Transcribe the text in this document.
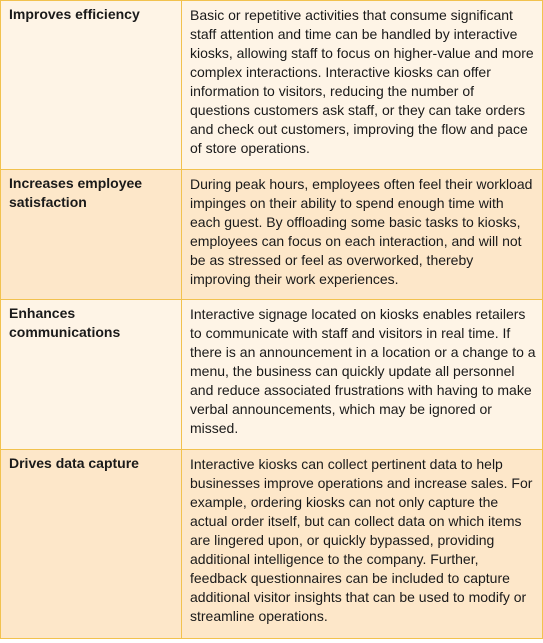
Improves efficiency	Basic or repetitive activities that consume significant staff attention and time can be handled by interactive kiosks, allowing staff to focus on higher-value and more complex interactions. Interactive kiosks can offer information to visitors, reducing the number of questions customers ask staff, or they can take orders and check out customers, improving the flow and pace of store operations.
Increases employee satisfaction	During peak hours, employees often feel their workload impinges on their ability to spend enough time with each guest. By offloading some basic tasks to kiosks, employees can focus on each interaction, and will not be as stressed or feel as overworked, thereby improving their work experiences.
Enhances communications	Interactive signage located on kiosks enables retailers to communicate with staff and visitors in real time. If there is an announcement in a location or a change to a menu, the business can quickly update all personnel and reduce associated frustrations with having to make verbal announcements, which may be ignored or missed.
Drives data capture	Interactive kiosks can collect pertinent data to help businesses improve operations and increase sales. For example, ordering kiosks can not only capture the actual order itself, but can collect data on which items are lingered upon, or quickly bypassed, providing additional intelligence to the company. Further, feedback questionnaires can be included to capture additional visitor insights that can be used to modify or streamline operations.
